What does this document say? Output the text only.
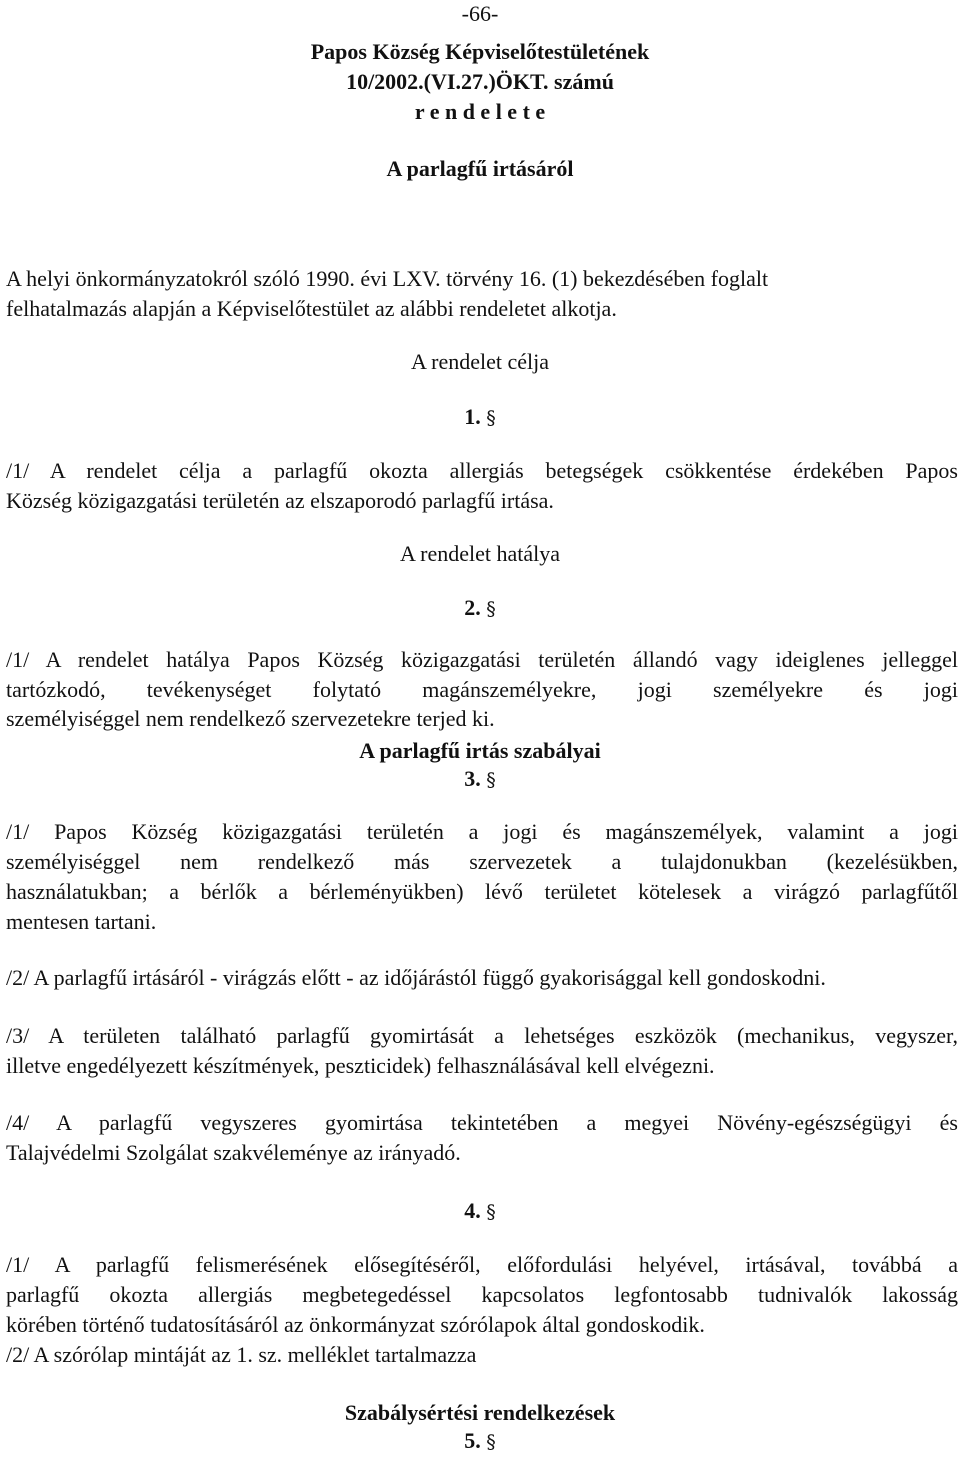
-66-
Papos Község Képviselőtestületének
10/2002.(VI.27.)ÖKT. számú
r e n d e l e t e
A parlagfű irtásáról
A helyi önkormányzatokról szóló 1990. évi LXV. törvény 16. (1) bekezdésében foglalt
felhatalmazás alapján a Képviselőtestület az alábbi rendeletet alkotja.
A rendelet célja
1. §
/1/ A rendelet célja a parlagfű okozta allergiás betegségek csökkentése érdekében Papos
Község közigazgatási területén az elszaporodó parlagfű irtása.
A rendelet hatálya
2. §
/1/ A rendelet hatálya Papos Község közigazgatási területén állandó vagy ideiglenes jelleggel
tartózkodó, tevékenységet folytató magánszemélyekre, jogi személyekre és jogi
személyiséggel nem rendelkező szervezetekre terjed ki.
A parlagfű irtás szabályai
3. §
/1/ Papos Község közigazgatási területén a jogi és magánszemélyek, valamint a jogi
személyiséggel nem rendelkező más szervezetek a tulajdonukban (kezelésükben,
használatukban; a bérlők a bérleményükben) lévő területet kötelesek a virágzó parlagfűtől
mentesen tartani.
/2/ A parlagfű irtásáról - virágzás előtt - az időjárástól függő gyakorisággal kell gondoskodni.
/3/ A területen található parlagfű gyomirtását a lehetséges eszközök (mechanikus, vegyszer,
illetve engedélyezett készítmények, peszticidek) felhasználásával kell elvégezni.
/4/ A parlagfű vegyszeres gyomirtása tekintetében a megyei Növény-egészségügyi és
Talajvédelmi Szolgálat szakvéleménye az irányadó.
4. §
/1/ A parlagfű felismerésének elősegítéséről, előfordulási helyével, irtásával, továbbá a
parlagfű okozta allergiás megbetegedéssel kapcsolatos legfontosabb tudnivalók lakosság
körében történő tudatosításáról az önkormányzat szórólapok által gondoskodik.
/2/ A szórólap mintáját az 1. sz. melléklet tartalmazza
Szabálysértési rendelkezések
5. §
